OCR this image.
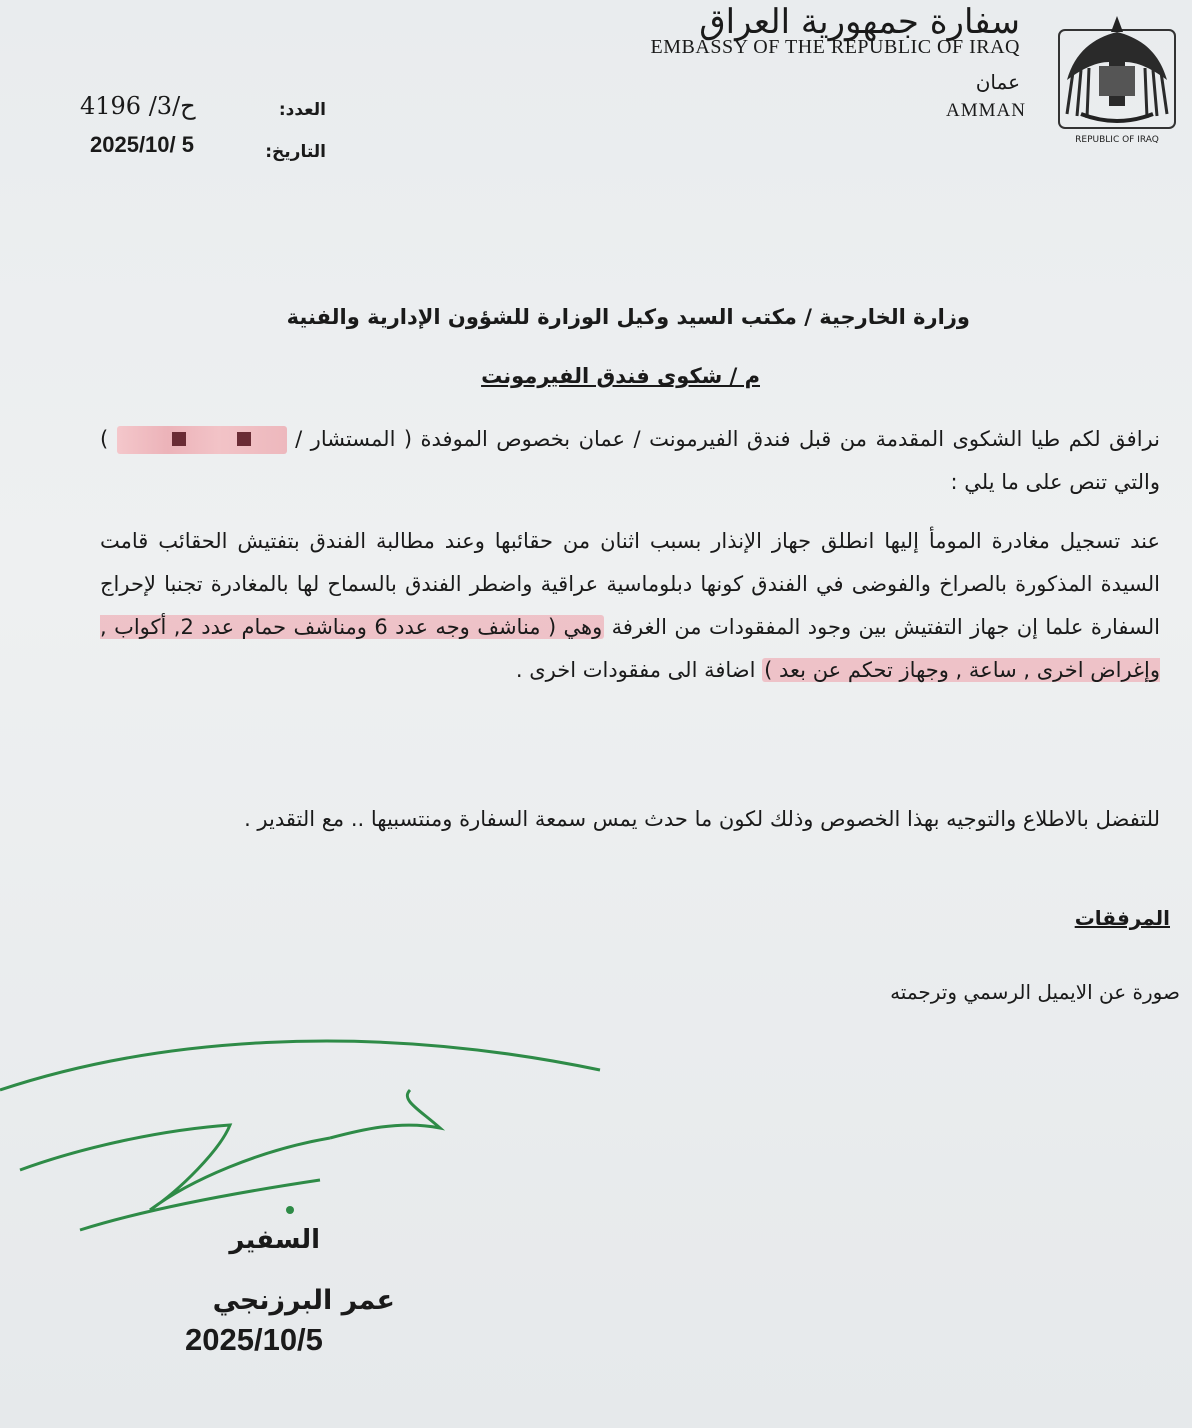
سفارة جمهورية العراق
EMBASSY OF THE REPUBLIC OF IRAQ
عمان
AMMAN
REPUBLIC OF IRAQ
العدد:
ح/3/ 4196
التاريخ:
2025/10/ 5
وزارة الخارجية / مكتب السيد وكيل الوزارة للشؤون الإدارية والفنية
م / شكوى فندق الفيرمونت
نرافق لكم طيا الشكوى المقدمة من قبل فندق الفيرمونت / عمان بخصوص الموفدة ( المستشار /  ) والتي تنص على ما يلي :
عند تسجيل مغادرة المومأ إليها انطلق جهاز الإنذار بسبب اثنان من حقائبها وعند مطالبة الفندق بتفتيش الحقائب قامت السيدة المذكورة بالصراخ والفوضى في الفندق كونها دبلوماسية عراقية واضطر الفندق بالسماح لها بالمغادرة تجنبا لإحراج السفارة علما إن جهاز التفتيش بين وجود المفقودات من الغرفة وهي ( مناشف وجه عدد 6 ومناشف حمام عدد 2, أكواب , وإغراض اخرى , ساعة , وجهاز تحكم عن بعد ) اضافة الى مفقودات اخرى .
للتفضل بالاطلاع والتوجيه بهذا الخصوص وذلك لكون ما حدث يمس سمعة السفارة ومنتسبيها .. مع التقدير .
المرفقات
صورة عن الايميل الرسمي وترجمته
السفير
عمر البرزنجي
2025/10/5
